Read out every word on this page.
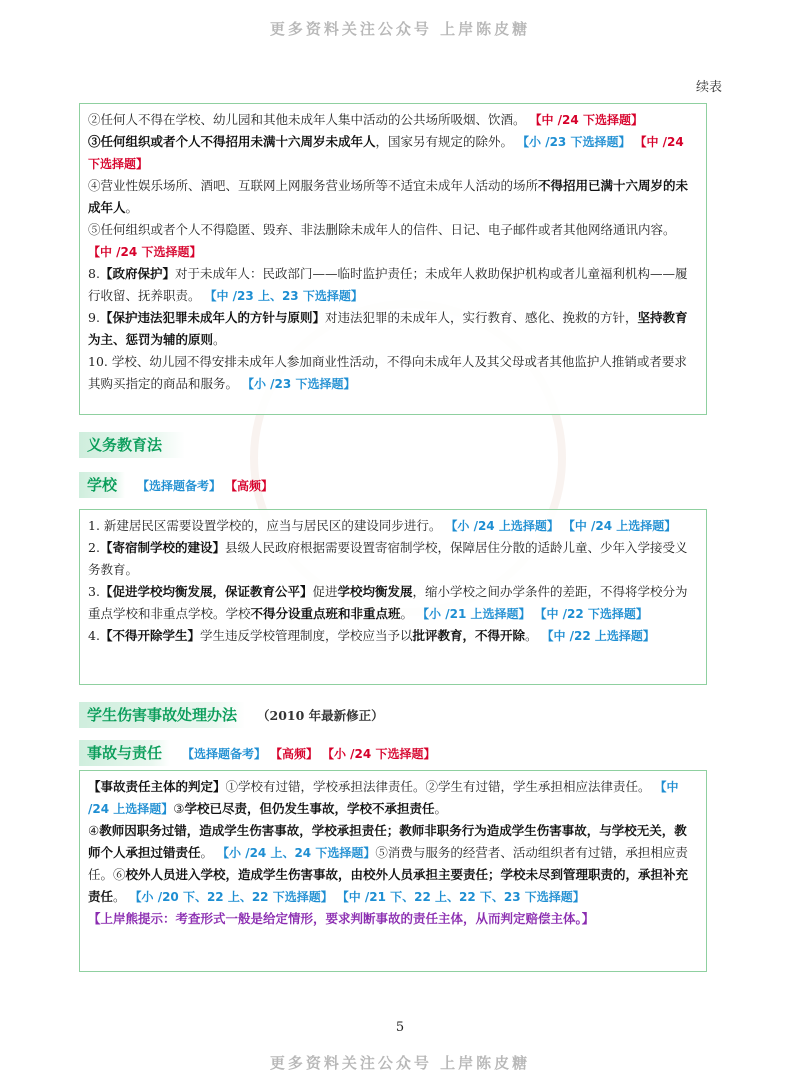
更多资料关注公众号 上岸陈皮糖
续表

②任何人不得在学校、幼儿园和其他未成年人集中活动的公共场所吸烟、饮酒。 【中 /24 下选择题】

③任何组织或者个人不得招用未满十六周岁未成年人，国家另有规定的除外。 【小 /23 下选择题】 【中 /24 下选择题】

④营业性娱乐场所、酒吧、互联网上网服务营业场所等不适宜未成年人活动的场所不得招用已满十六周岁的未成年人。

⑤任何组织或者个人不得隐匿、毁弃、非法删除未成年人的信件、日记、电子邮件或者其他网络通讯内容。 【中 /24 下选择题】

8.【政府保护】对于未成年人：民政部门——临时监护责任；未成年人救助保护机构或者儿童福利机构——履行收留、抚养职责。 【中 /23 上、23 下选择题】

9.【保护违法犯罪未成年人的方针与原则】对违法犯罪的未成年人，实行教育、感化、挽救的方针，坚持教育为主、惩罚为辅的原则。

10. 学校、幼儿园不得安排未成年人参加商业性活动，不得向未成年人及其父母或者其他监护人推销或者要求其购买指定的商品和服务。 【小 /23 下选择题】

义务教育法
学校 【选择题备考】 【高频】

1. 新建居民区需要设置学校的，应当与居民区的建设同步进行。 【小 /24 上选择题】 【中 /24 上选择题】

2.【寄宿制学校的建设】县级人民政府根据需要设置寄宿制学校，保障居住分散的适龄儿童、少年入学接受义务教育。

3.【促进学校均衡发展，保证教育公平】促进学校均衡发展，缩小学校之间办学条件的差距，不得将学校分为重点学校和非重点学校。学校不得分设重点班和非重点班。 【小 /21 上选择题】 【中 /22 下选择题】

4.【不得开除学生】学生违反学校管理制度，学校应当予以批评教育，不得开除。 【中 /22 上选择题】

学生伤害事故处理办法 （2010 年最新修正）
事故与责任 【选择题备考】 【高频】 【小 /24 下选择题】

【事故责任主体的判定】①学校有过错，学校承担法律责任。②学生有过错，学生承担相应法律责任。 【中 /24 上选择题】③学校已尽责，但仍发生事故，学校不承担责任。

④教师因职务过错，造成学生伤害事故，学校承担责任；教师非职务行为造成学生伤害事故，与学校无关，教师个人承担过错责任。 【小 /24 上、24 下选择题】⑤消费与服务的经营者、活动组织者有过错，承担相应责任。⑥校外人员进入学校，造成学生伤害事故，由校外人员承担主要责任；学校未尽到管理职责的，承担补充责任。 【小 /20 下、22 上、22 下选择题】 【中 /21 下、22 上、22 下、23 下选择题】

【上岸熊提示：考查形式一般是给定情形，要求判断事故的责任主体，从而判定赔偿主体。】

5
更多资料关注公众号 上岸陈皮糖
